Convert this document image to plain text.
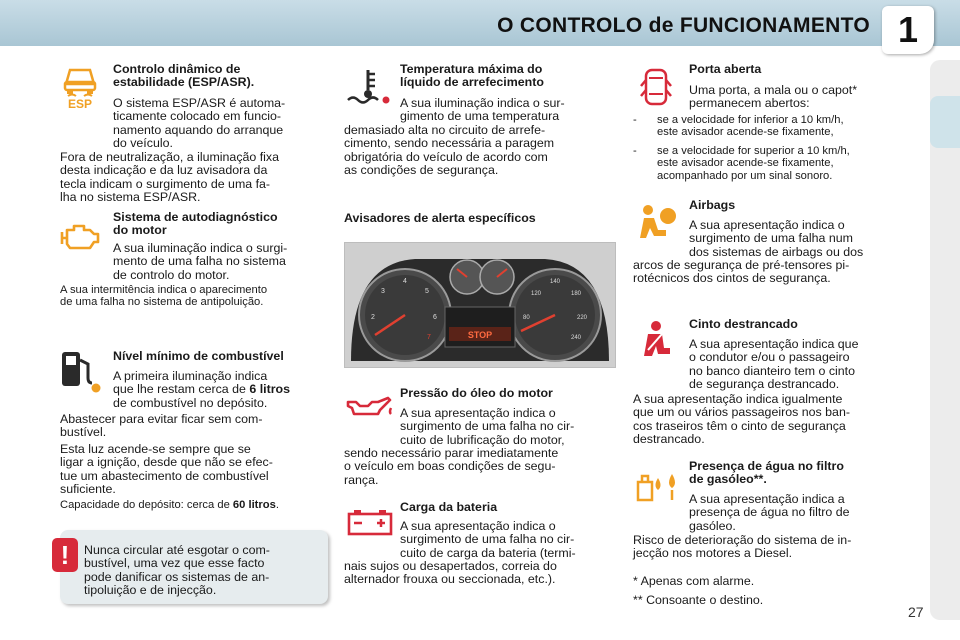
O CONTROLO de FUNCIONAMENTO 1
ESP
Controlo dinâmico de
estabilidade (ESP/ASR).
O sistema ESP/ASR é automa-
ticamente colocado em funcio-
namento aquando do arranque
do veículo.
Fora de neutralização, a iluminação fixa
desta indicação e da luz avisadora da
tecla indicam o surgimento de uma fa-
lha no sistema ESP/ASR.
Sistema de autodiagnóstico
do motor
A sua iluminação indica o surgi-
mento de uma falha no sistema
de controlo do motor.
A sua intermitência indica o aparecimento
de uma falha no sistema de antipoluição.
Nível mínimo de combustível
A primeira iluminação indica
que lhe restam cerca de 6 litros
de combustível no depósito.
Abastecer para evitar ficar sem com-
bustível.
Esta luz acende-se sempre que se
ligar a ignição, desde que não se efec-
tue um abastecimento de combustível
suficiente.
Capacidade do depósito: cerca de 60 litros.
!	Nunca circular até esgotar o com-
bustível, uma vez que esse facto
pode danificar os sistemas de an-
tipoluição e de injecção.
Temperatura máxima do
líquido de arrefecimento
A sua iluminação indica o sur-
gimento de uma temperatura
demasiado alta no circuito de arrefe-
cimento, sendo necessária a paragem
obrigatória do veículo de acordo com
as condições de segurança.
Avisadores de alerta específicos
STOP
2
3
4
5
6
7
80
120
140
180
220
240
Pressão do óleo do motor
A sua apresentação indica o
surgimento de uma falha no cir-
cuito de lubrificação do motor,
sendo necessário parar imediatamente
o veículo em boas condições de segu-
rança.
Carga da bateria
A sua apresentação indica o
surgimento de uma falha no cir-
cuito de carga da bateria (termi-
nais sujos ou desapertados, correia do
alternador frouxa ou seccionada, etc.).
Porta aberta
Uma porta, a mala ou o capot*
permanecem abertos:
- se a velocidade for inferior a 10 km/h,
este avisador acende-se fixamente,
- se a velocidade for superior a 10 km/h,
este avisador acende-se fixamente,
acompanhado por um sinal sonoro.
Airbags
A sua apresentação indica o
surgimento de uma falha num
dos sistemas de airbags ou dos
arcos de segurança de pré-tensores pi-
rotécnicos dos cintos de segurança.
Cinto destrancado
A sua apresentação indica que
o condutor e/ou o passageiro
no banco dianteiro tem o cinto
de segurança destrancado.
A sua apresentação indica igualmente
que um ou vários passageiros nos ban-
cos traseiros têm o cinto de segurança
destrancado.
Presença de água no filtro
de gasóleo**.
A sua apresentação indica a
presença de água no filtro de
gasóleo.
Risco de deterioração do sistema de in-
jecção nos motores a Diesel.
* Apenas com alarme.
** Consoante o destino.
27
